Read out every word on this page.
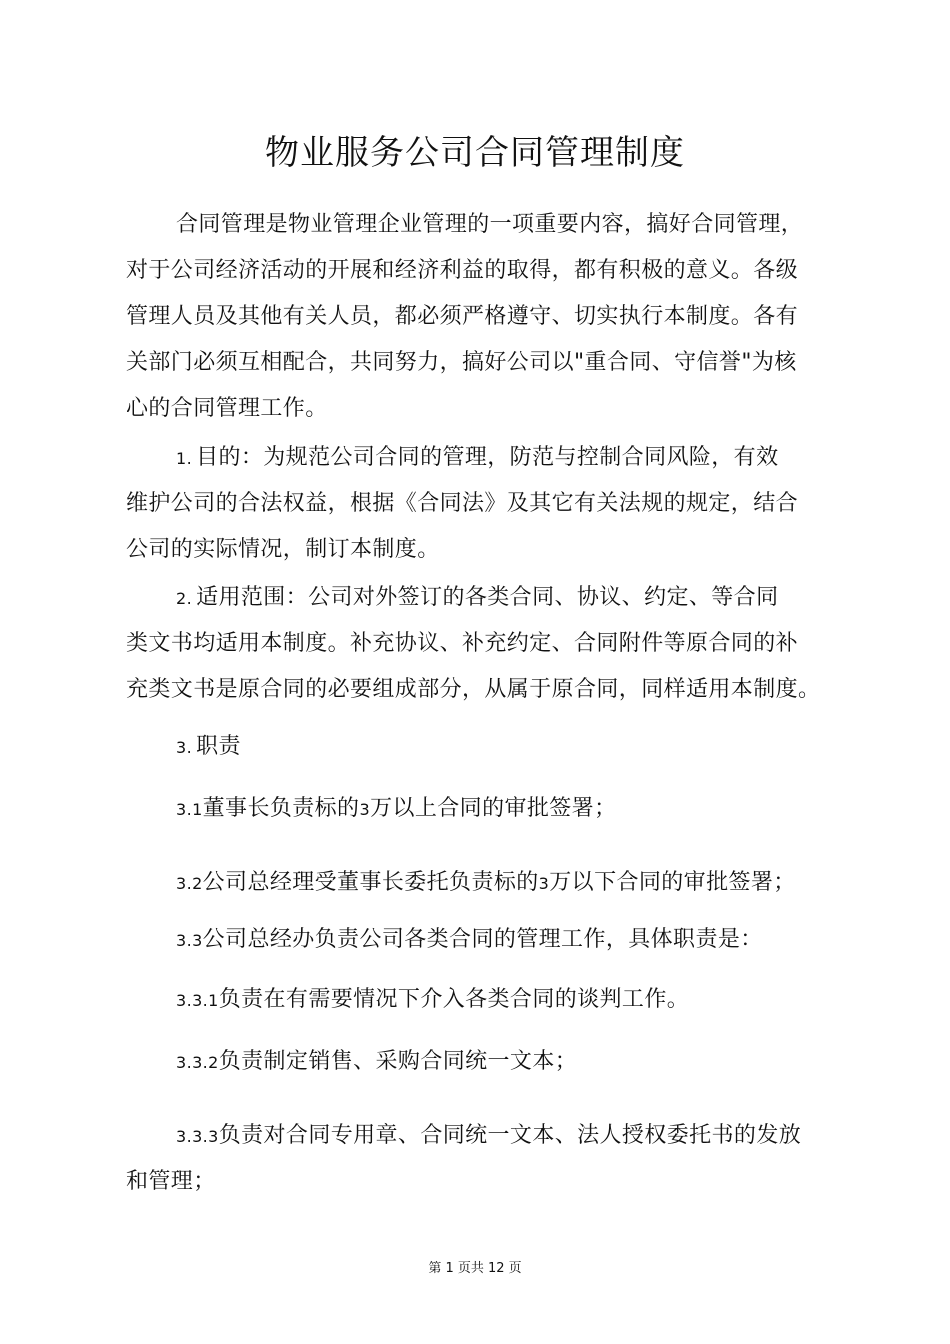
物业服务公司合同管理制度
合同管理是物业管理企业管理的一项重要内容，搞好合同管理，
对于公司经济活动的开展和经济利益的取得，都有积极的意义。各级
管理人员及其他有关人员，都必须严格遵守、切实执行本制度。各有
关部门必须互相配合，共同努力，搞好公司以"重合同、守信誉"为核
心的合同管理工作。
1. 目的：为规范公司合同的管理，防范与控制合同风险，有效
维护公司的合法权益，根据《合同法》及其它有关法规的规定，结合
公司的实际情况，制订本制度。
2. 适用范围：公司对外签订的各类合同、协议、约定、等合同
类文书均适用本制度。补充协议、补充约定、合同附件等原合同的补
充类文书是原合同的必要组成部分，从属于原合同，同样适用本制度。
3. 职责
3.1董事长负责标的3万以上合同的审批签署；
3.2公司总经理受董事长委托负责标的3万以下合同的审批签署；
3.3公司总经办负责公司各类合同的管理工作，具体职责是：
3.3.1负责在有需要情况下介入各类合同的谈判工作。
3.3.2负责制定销售、采购合同统一文本；
3.3.3负责对合同专用章、合同统一文本、法人授权委托书的发放
和管理；
第 1 页共 12 页
